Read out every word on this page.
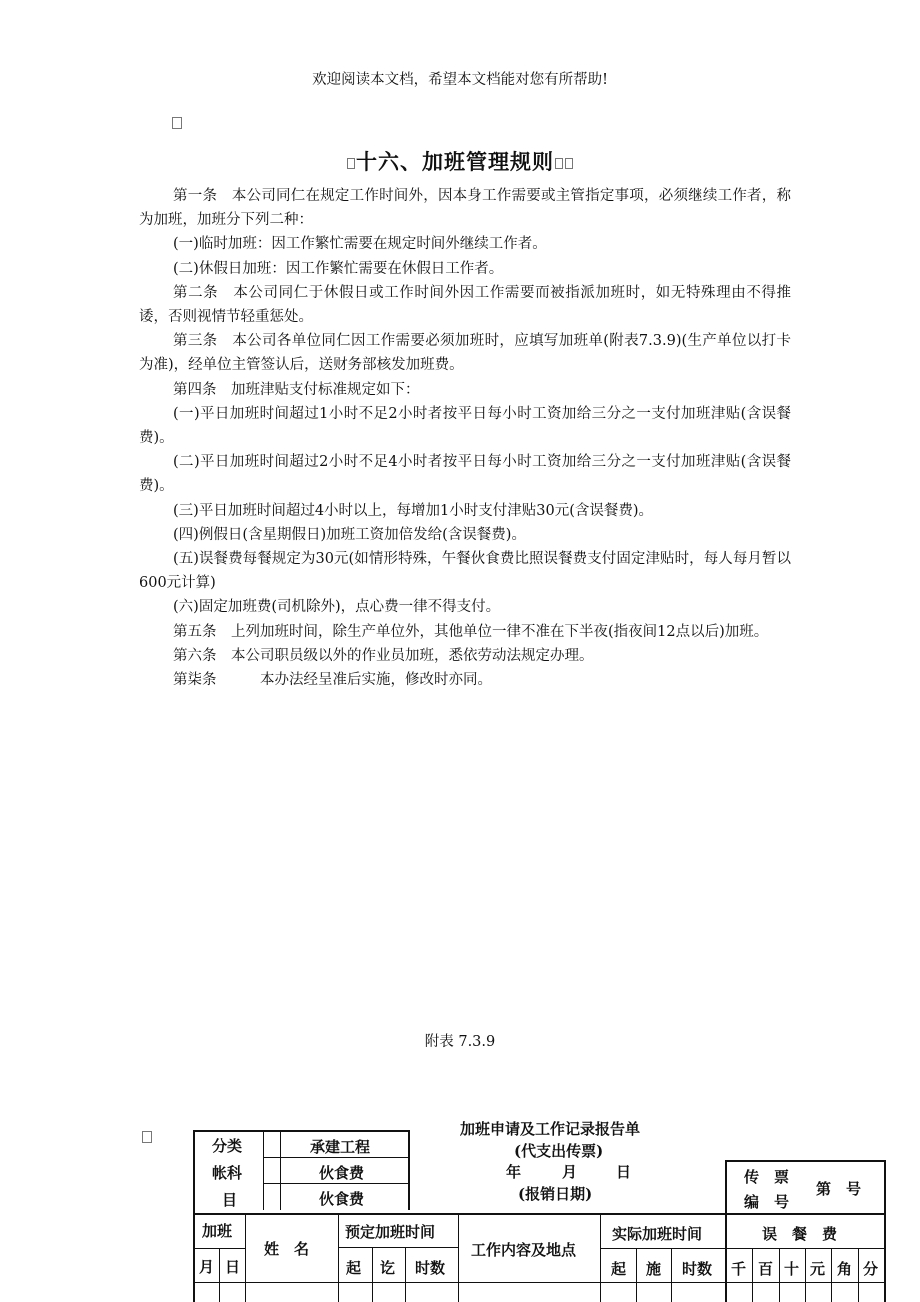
欢迎阅读本文档，希望本文档能对您有所帮助!
十六、加班管理规则

第一条　本公司同仁在规定工作时间外，因本身工作需要或主管指定事项，必须继续工作者，称为加班，加班分下列二种：

(一)临时加班：因工作繁忙需要在规定时间外继续工作者。

(二)休假日加班：因工作繁忙需要在休假日工作者。

第二条　本公司同仁于休假日或工作时间外因工作需要而被指派加班时，如无特殊理由不得推诿，否则视情节轻重惩处。

第三条　本公司各单位同仁因工作需要必须加班时，应填写加班单(附表7.3.9)(生产单位以打卡为准)，经单位主管签认后，送财务部核发加班费。

第四条　加班津贴支付标准规定如下：

(一)平日加班时间超过1小时不足2小时者按平日每小时工资加给三分之一支付加班津贴(含误餐费)。

(二)平日加班时间超过2小时不足4小时者按平日每小时工资加给三分之一支付加班津贴(含误餐费)。

(三)平日加班时间超过4小时以上，每增加1小时支付津贴30元(含误餐费)。

(四)例假日(含星期假日)加班工资加倍发给(含误餐费)。

(五)误餐费每餐规定为30元(如情形特殊，午餐伙食费比照误餐费支付固定津贴时，每人每月暂以600元计算)

(六)固定加班费(司机除外)，点心费一律不得支付。

第五条　上列加班时间，除生产单位外，其他单位一律不准在下半夜(指夜间12点以后)加班。

第六条　本公司职员级以外的作业员加班，悉依劳动法规定办理。

第柒条　　　本办法经呈准后实施，修改时亦同。

附表 7.3.9
分类
帐科
目
承建工程
伙食费
伙食费
加班申请及工作记录报告单
(代支出传票)
年	月	日
(报销日期)
传　票
编　号
第　号
加班
月 日
姓　名
预定加班时间
起 讫 时数
工作内容及地点
实际加班时间
起 施 时数
误　餐　费
千 百 十 元 角 分
